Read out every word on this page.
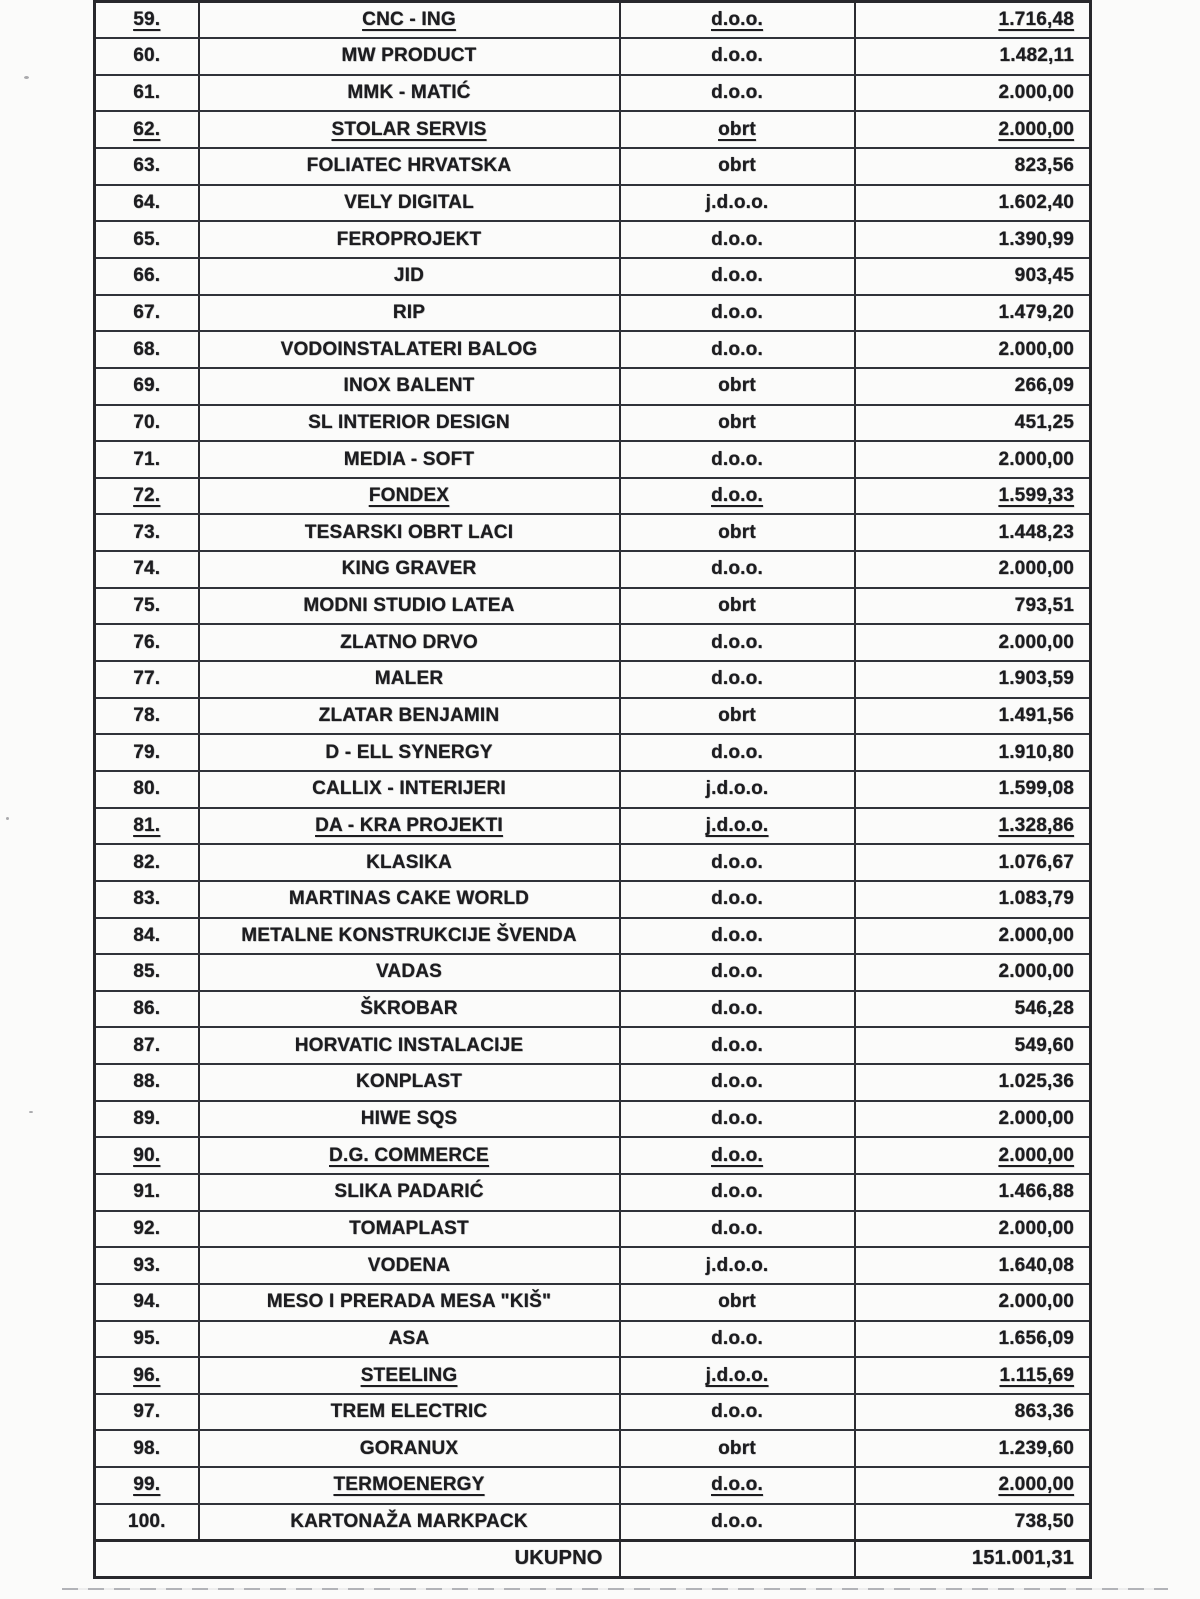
59.	CNC - ING	d.o.o.	1.716,48
60.	MW PRODUCT	d.o.o.	1.482,11
61.	MMK - MATIĆ	d.o.o.	2.000,00
62.	STOLAR SERVIS	obrt	2.000,00
63.	FOLIATEC HRVATSKA	obrt	823,56
64.	VELY DIGITAL	j.d.o.o.	1.602,40
65.	FEROPROJEKT	d.o.o.	1.390,99
66.	JID	d.o.o.	903,45
67.	RIP	d.o.o.	1.479,20
68.	VODOINSTALATERI BALOG	d.o.o.	2.000,00
69.	INOX BALENT	obrt	266,09
70.	SL INTERIOR DESIGN	obrt	451,25
71.	MEDIA - SOFT	d.o.o.	2.000,00
72.	FONDEX	d.o.o.	1.599,33
73.	TESARSKI OBRT LACI	obrt	1.448,23
74.	KING GRAVER	d.o.o.	2.000,00
75.	MODNI STUDIO LATEA	obrt	793,51
76.	ZLATNO DRVO	d.o.o.	2.000,00
77.	MALER	d.o.o.	1.903,59
78.	ZLATAR BENJAMIN	obrt	1.491,56
79.	D - ELL SYNERGY	d.o.o.	1.910,80
80.	CALLIX - INTERIJERI	j.d.o.o.	1.599,08
81.	DA - KRA PROJEKTI	j.d.o.o.	1.328,86
82.	KLASIKA	d.o.o.	1.076,67
83.	MARTINAS CAKE WORLD	d.o.o.	1.083,79
84.	METALNE KONSTRUKCIJE ŠVENDA	d.o.o.	2.000,00
85.	VADAS	d.o.o.	2.000,00
86.	ŠKROBAR	d.o.o.	546,28
87.	HORVATIC INSTALACIJE	d.o.o.	549,60
88.	KONPLAST	d.o.o.	1.025,36
89.	HIWE SQS	d.o.o.	2.000,00
90.	D.G. COMMERCE	d.o.o.	2.000,00
91.	SLIKA PADARIĆ	d.o.o.	1.466,88
92.	TOMAPLAST	d.o.o.	2.000,00
93.	VODENA	j.d.o.o.	1.640,08
94.	MESO I PRERADA MESA "KIŠ"	obrt	2.000,00
95.	ASA	d.o.o.	1.656,09
96.	STEELING	j.d.o.o.	1.115,69
97.	TREM ELECTRIC	d.o.o.	863,36
98.	GORANUX	obrt	1.239,60
99.	TERMOENERGY	d.o.o.	2.000,00
100.	KARTONAŽA MARKPACK	d.o.o.	738,50
UKUPNO			151.001,31
